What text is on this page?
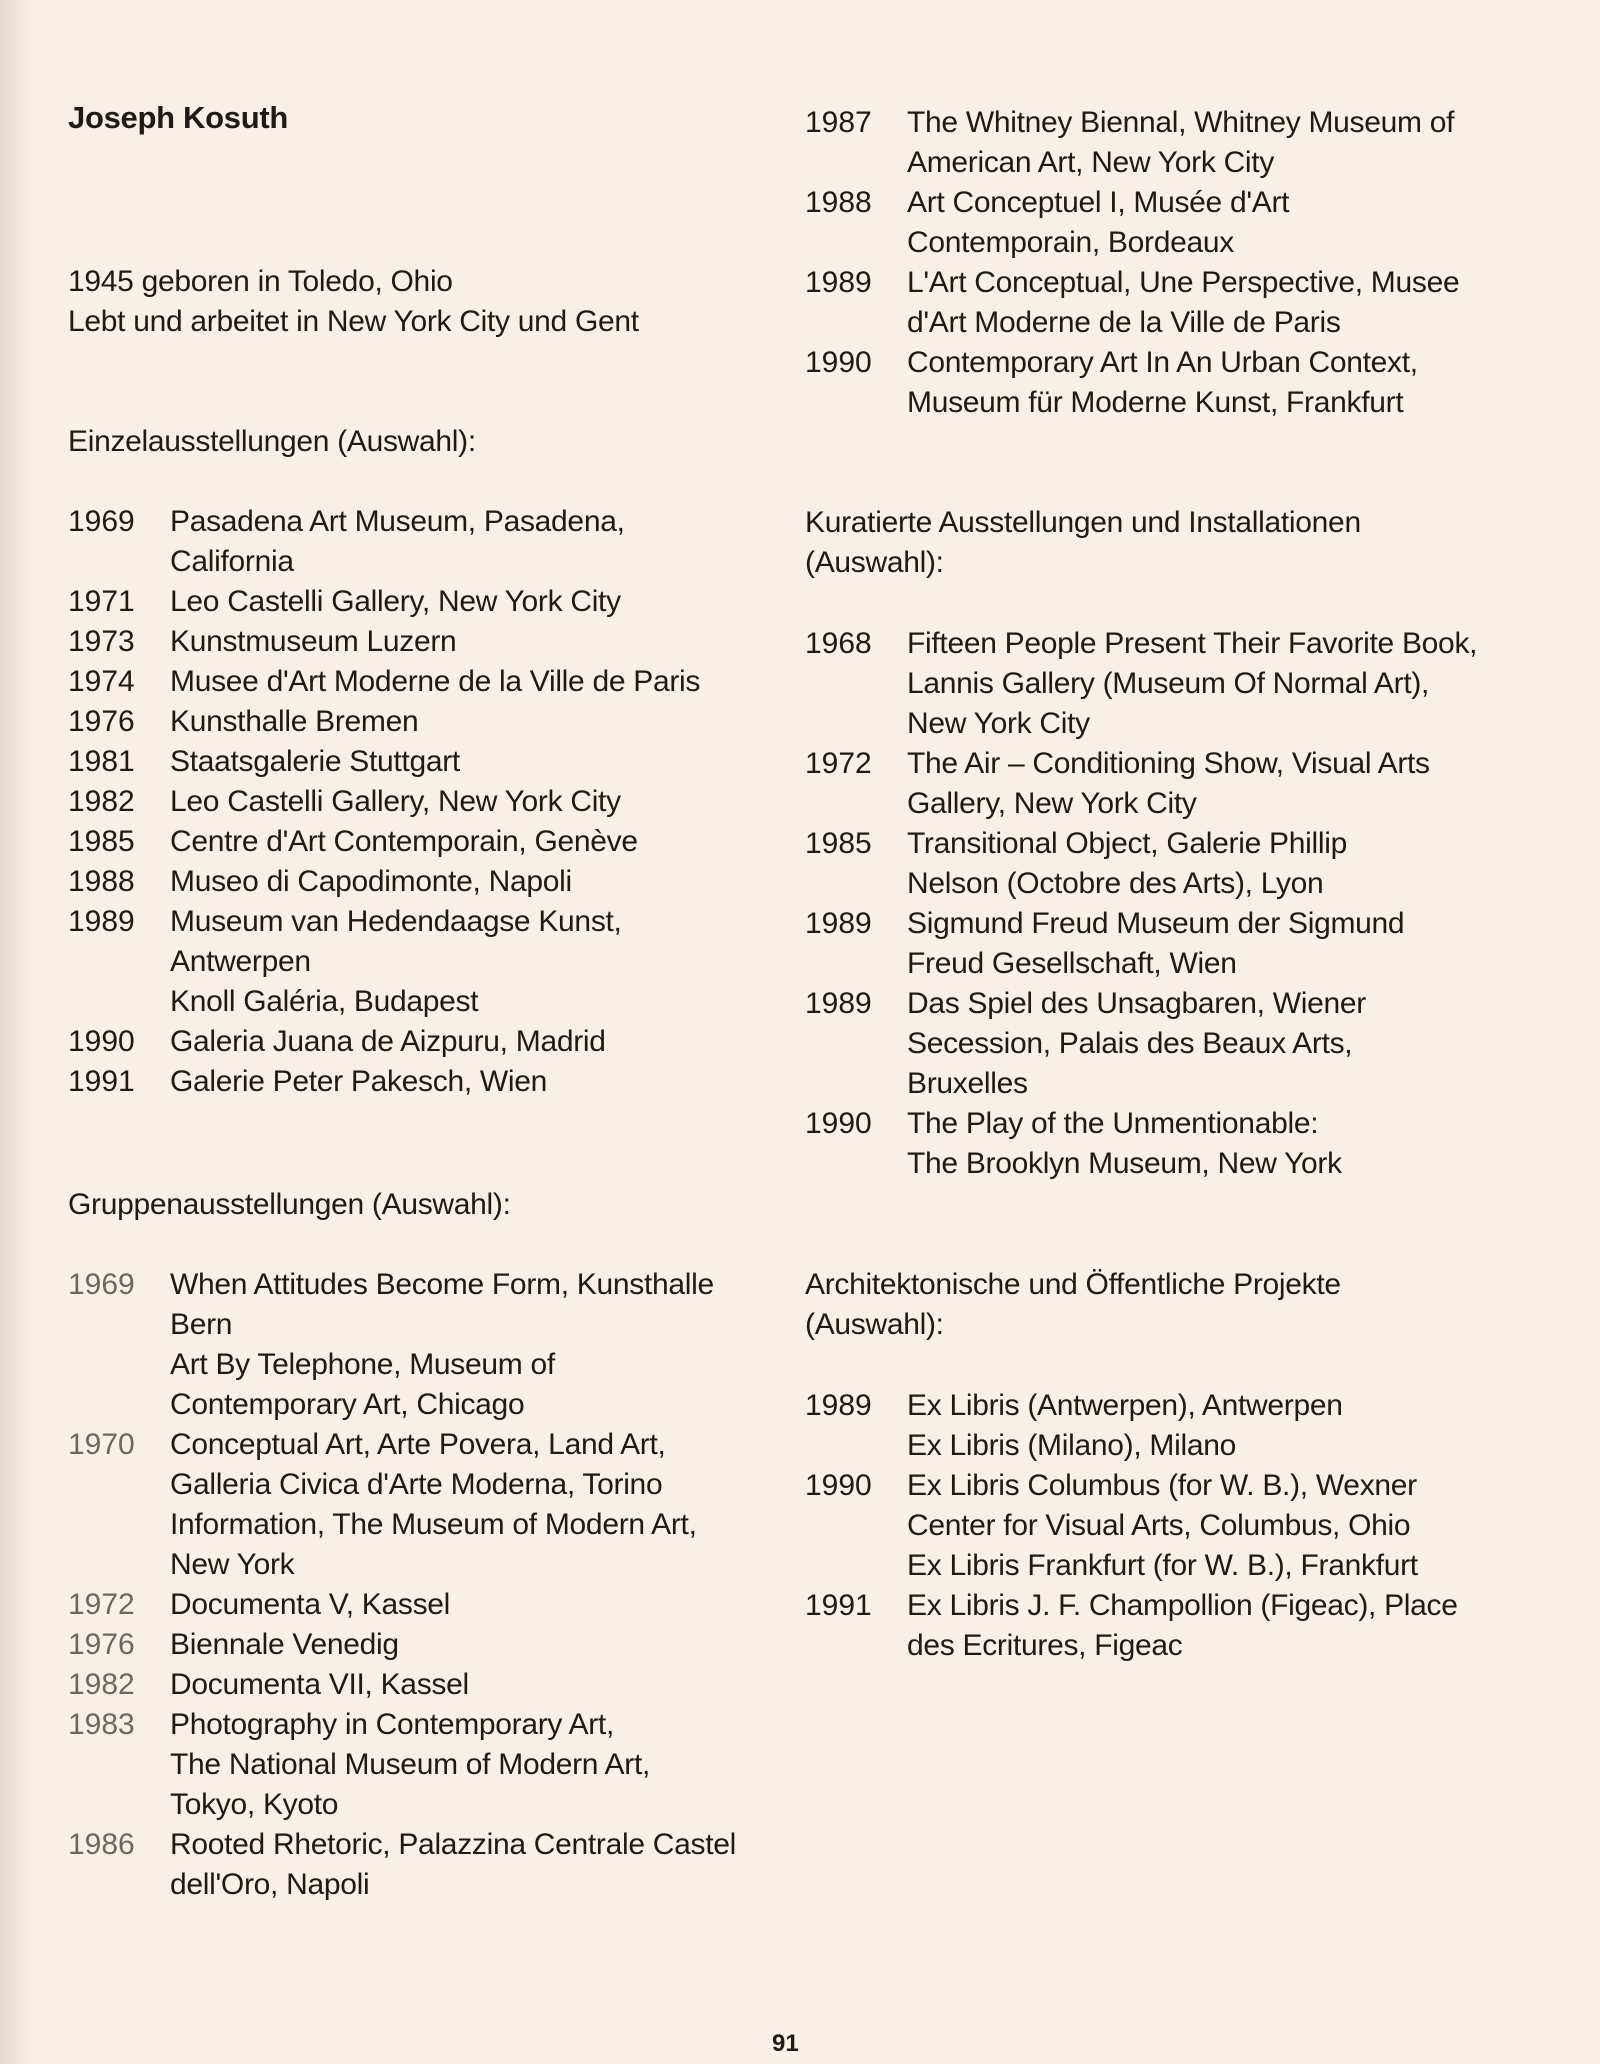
Joseph Kosuth
1945 geboren in Toledo, Ohio
Lebt und arbeitet in New York City und Gent
Einzelausstellungen (Auswahl):
1969	Pasadena Art Museum, Pasadena,
California
1971	Leo Castelli Gallery, New York City
1973	Kunstmuseum Luzern
1974	Musee d'Art Moderne de la Ville de Paris
1976	Kunsthalle Bremen
1981	Staatsgalerie Stuttgart
1982	Leo Castelli Gallery, New York City
1985	Centre d'Art Contemporain, Genève
1988	Museo di Capodimonte, Napoli
1989	Museum van Hedendaagse Kunst,
Antwerpen
Knoll Galéria, Budapest
1990	Galeria Juana de Aizpuru, Madrid
1991	Galerie Peter Pakesch, Wien
Gruppenausstellungen (Auswahl):
1969	When Attitudes Become Form, Kunsthalle
Bern
Art By Telephone, Museum of
Contemporary Art, Chicago
1970	Conceptual Art, Arte Povera, Land Art,
Galleria Civica d'Arte Moderna, Torino
Information, The Museum of Modern Art,
New York
1972	Documenta V, Kassel
1976	Biennale Venedig
1982	Documenta VII, Kassel
1983	Photography in Contemporary Art,
The National Museum of Modern Art,
Tokyo, Kyoto
1986	Rooted Rhetoric, Palazzina Centrale Castel
dell'Oro, Napoli
1987	The Whitney Biennal, Whitney Museum of
American Art, New York City
1988	Art Conceptuel I, Musée d'Art
Contemporain, Bordeaux
1989	L'Art Conceptual, Une Perspective, Musee
d'Art Moderne de la Ville de Paris
1990	Contemporary Art In An Urban Context,
Museum für Moderne Kunst, Frankfurt
Kuratierte Ausstellungen und Installationen
(Auswahl):
1968	Fifteen People Present Their Favorite Book,
Lannis Gallery (Museum Of Normal Art),
New York City
1972	The Air – Conditioning Show, Visual Arts
Gallery, New York City
1985	Transitional Object, Galerie Phillip
Nelson (Octobre des Arts), Lyon
1989	Sigmund Freud Museum der Sigmund
Freud Gesellschaft, Wien
1989	Das Spiel des Unsagbaren, Wiener
Secession, Palais des Beaux Arts,
Bruxelles
1990	The Play of the Unmentionable:
The Brooklyn Museum, New York
Architektonische und Öffentliche Projekte
(Auswahl):
1989	Ex Libris (Antwerpen), Antwerpen
Ex Libris (Milano), Milano
1990	Ex Libris Columbus (for W. B.), Wexner
Center for Visual Arts, Columbus, Ohio
Ex Libris Frankfurt (for W. B.), Frankfurt
1991	Ex Libris J. F. Champollion (Figeac), Place
des Ecritures, Figeac
91
